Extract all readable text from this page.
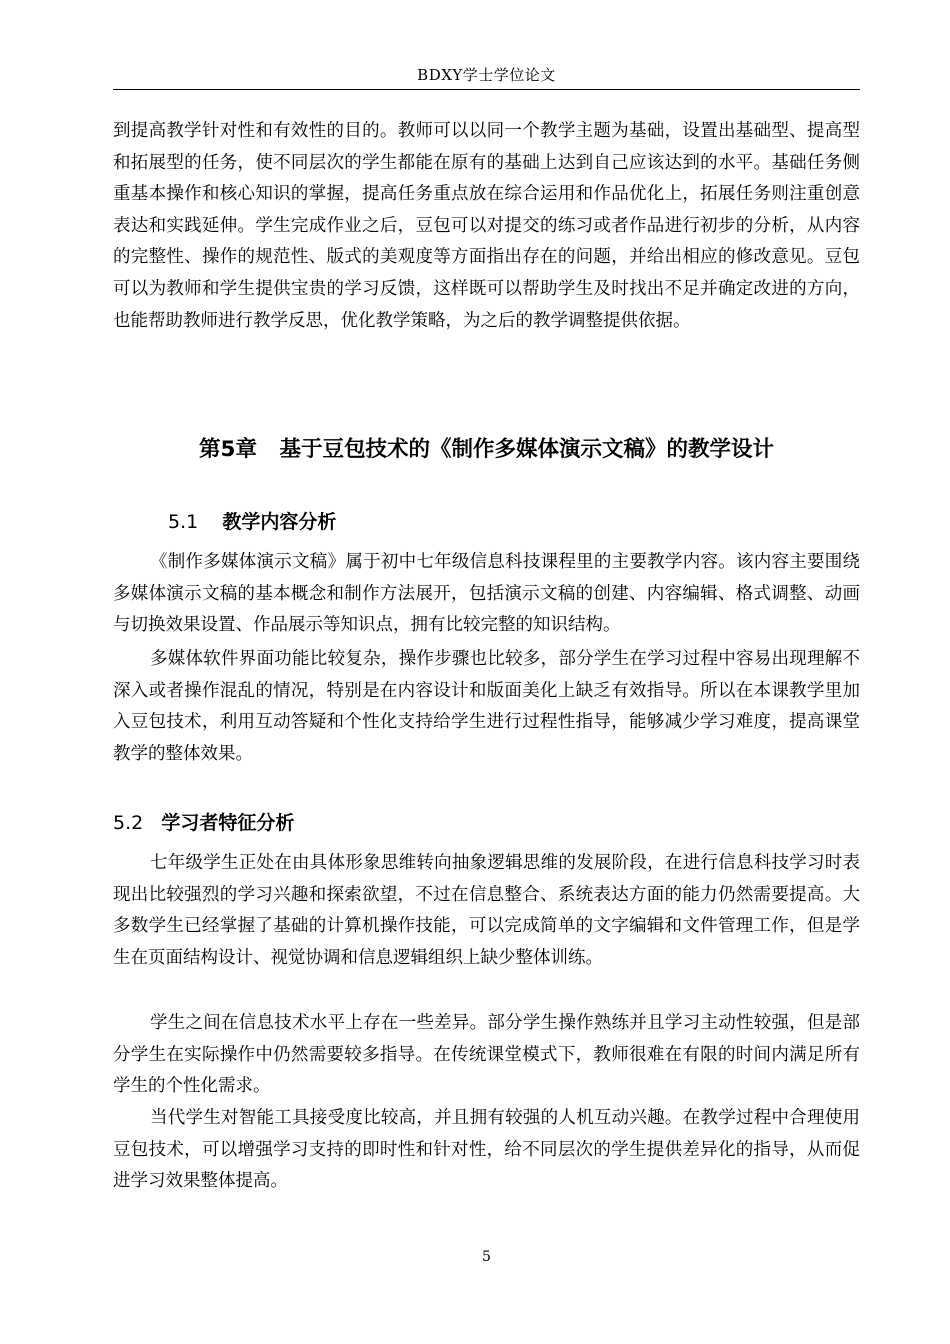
BDXY学士学位论文

到提高教学针对性和有效性的目的。教师可以以同一个教学主题为基础，设置出基础型、提高型和拓展型的任务，使不同层次的学生都能在原有的基础上达到自己应该达到的水平。基础任务侧重基本操作和核心知识的掌握，提高任务重点放在综合运用和作品优化上，拓展任务则注重创意表达和实践延伸。学生完成作业之后，豆包可以对提交的练习或者作品进行初步的分析，从内容的完整性、操作的规范性、版式的美观度等方面指出存在的问题，并给出相应的修改意见。豆包可以为教师和学生提供宝贵的学习反馈，这样既可以帮助学生及时找出不足并确定改进的方向，也能帮助教师进行教学反思，优化教学策略，为之后的教学调整提供依据。

第5章 基于豆包技术的《制作多媒体演示文稿》的教学设计
5.1 教学内容分析

《制作多媒体演示文稿》属于初中七年级信息科技课程里的主要教学内容。该内容主要围绕多媒体演示文稿的基本概念和制作方法展开，包括演示文稿的创建、内容编辑、格式调整、动画与切换效果设置、作品展示等知识点，拥有比较完整的知识结构。

多媒体软件界面功能比较复杂，操作步骤也比较多，部分学生在学习过程中容易出现理解不深入或者操作混乱的情况，特别是在内容设计和版面美化上缺乏有效指导。所以在本课教学里加入豆包技术，利用互动答疑和个性化支持给学生进行过程性指导，能够减少学习难度，提高课堂教学的整体效果。

5.2 学习者特征分析

七年级学生正处在由具体形象思维转向抽象逻辑思维的发展阶段，在进行信息科技学习时表现出比较强烈的学习兴趣和探索欲望，不过在信息整合、系统表达方面的能力仍然需要提高。大多数学生已经掌握了基础的计算机操作技能，可以完成简单的文字编辑和文件管理工作，但是学生在页面结构设计、视觉协调和信息逻辑组织上缺少整体训练。

学生之间在信息技术水平上存在一些差异。部分学生操作熟练并且学习主动性较强，但是部分学生在实际操作中仍然需要较多指导。在传统课堂模式下，教师很难在有限的时间内满足所有学生的个性化需求。

当代学生对智能工具接受度比较高，并且拥有较强的人机互动兴趣。在教学过程中合理使用豆包技术，可以增强学习支持的即时性和针对性，给不同层次的学生提供差异化的指导，从而促进学习效果整体提高。

5
